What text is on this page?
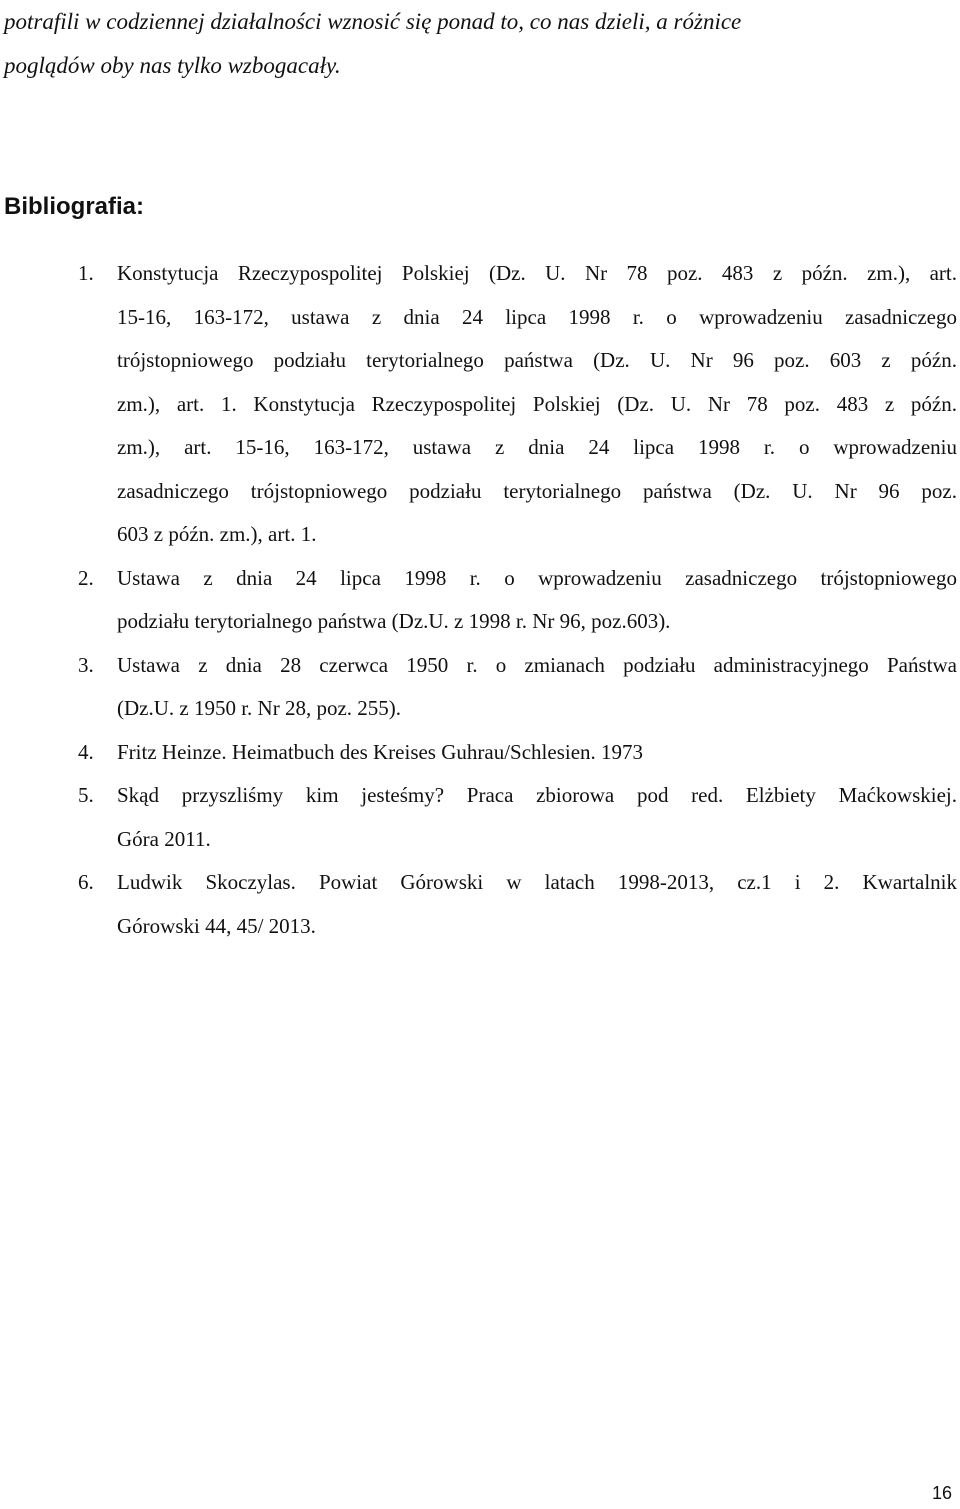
potrafili w codziennej działalności wznosić się ponad to, co nas dzieli, a różnice
poglądów oby nas tylko wzbogacały.

Bibliografia:
1. Konstytucja Rzeczypospolitej Polskiej (Dz. U. Nr 78 poz. 483 z późn. zm.), art.
15-16, 163-172, ustawa z dnia 24 lipca 1998 r. o wprowadzeniu zasadniczego
trójstopniowego podziału terytorialnego państwa (Dz. U. Nr 96 poz. 603 z późn.
zm.), art. 1. Konstytucja Rzeczypospolitej Polskiej (Dz. U. Nr 78 poz. 483 z późn.
zm.), art. 15-16, 163-172, ustawa z dnia 24 lipca 1998 r. o wprowadzeniu
zasadniczego trójstopniowego podziału terytorialnego państwa (Dz. U. Nr 96 poz.
603 z późn. zm.), art. 1.
2. Ustawa z dnia 24 lipca 1998 r. o wprowadzeniu zasadniczego trójstopniowego
podziału terytorialnego państwa (Dz.U. z 1998 r. Nr 96, poz.603).
3. Ustawa z dnia 28 czerwca 1950 r. o zmianach podziału administracyjnego Państwa
(Dz.U. z 1950 r. Nr 28, poz. 255).
4. Fritz Heinze. Heimatbuch des Kreises Guhrau/Schlesien. 1973
5. Skąd przyszliśmy kim jesteśmy? Praca zbiorowa pod red. Elżbiety Maćkowskiej.
Góra 2011.
6. Ludwik Skoczylas. Powiat Górowski w latach 1998-2013, cz.1 i 2. Kwartalnik
Górowski 44, 45/ 2013.

16
